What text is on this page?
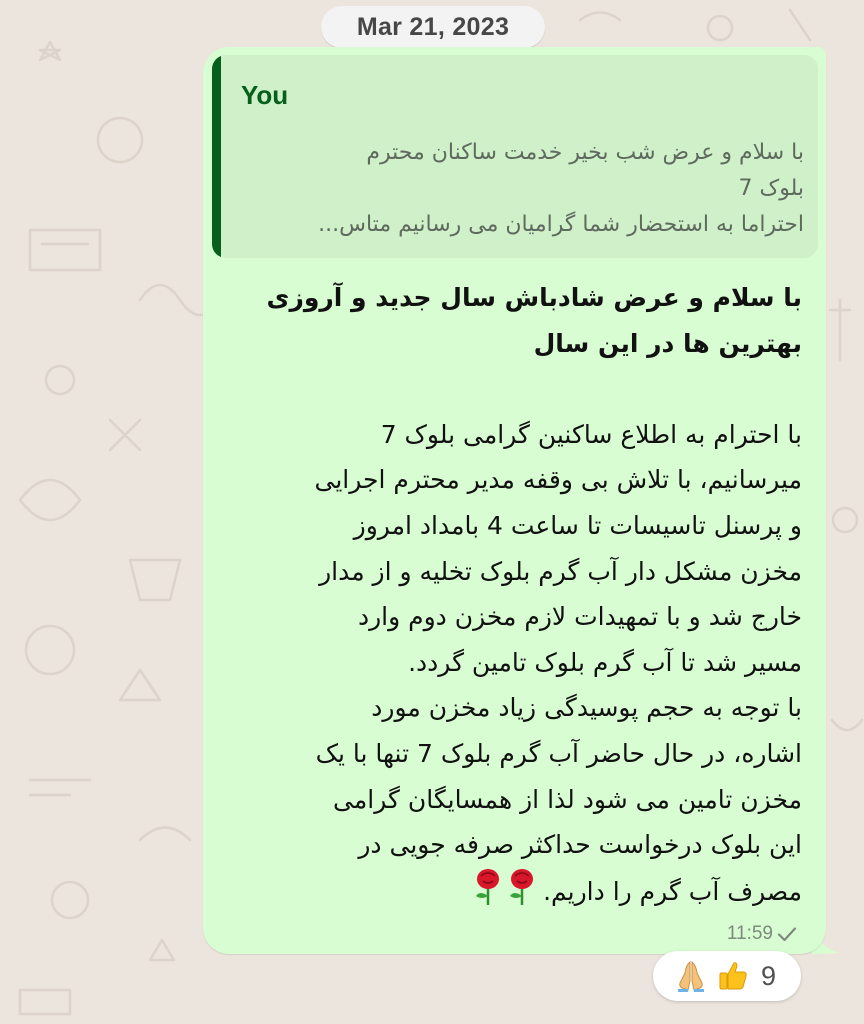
Mar 21, 2023
You
با سلام و عرض شب بخیر خدمت ساکنان محترم
بلوک 7
احتراما به استحضار شما گرامیان می رسانیم متاس...
با سلام و عرض شادباش سال جدید و آروزی
بهترین ها در این سال
با احترام به اطلاع ساکنین گرامی بلوک 7
میرسانیم، با تلاش بی وقفه مدیر محترم اجرایی
و پرسنل تاسیسات تا ساعت 4 بامداد امروز
مخزن مشکل دار آب گرم بلوک تخلیه و از مدار
خارج شد و با تمهیدات لازم مخزن دوم وارد
مسیر شد تا آب گرم بلوک تامین گردد.
با توجه به حجم پوسیدگی زیاد مخزن مورد
اشاره، در حال حاضر آب گرم بلوک 7 تنها با یک
مخزن تامین می شود لذا از همسایگان گرامی
این بلوک درخواست حداکثر صرفه جویی در
مصرف آب گرم را داریم.
11:59
9
